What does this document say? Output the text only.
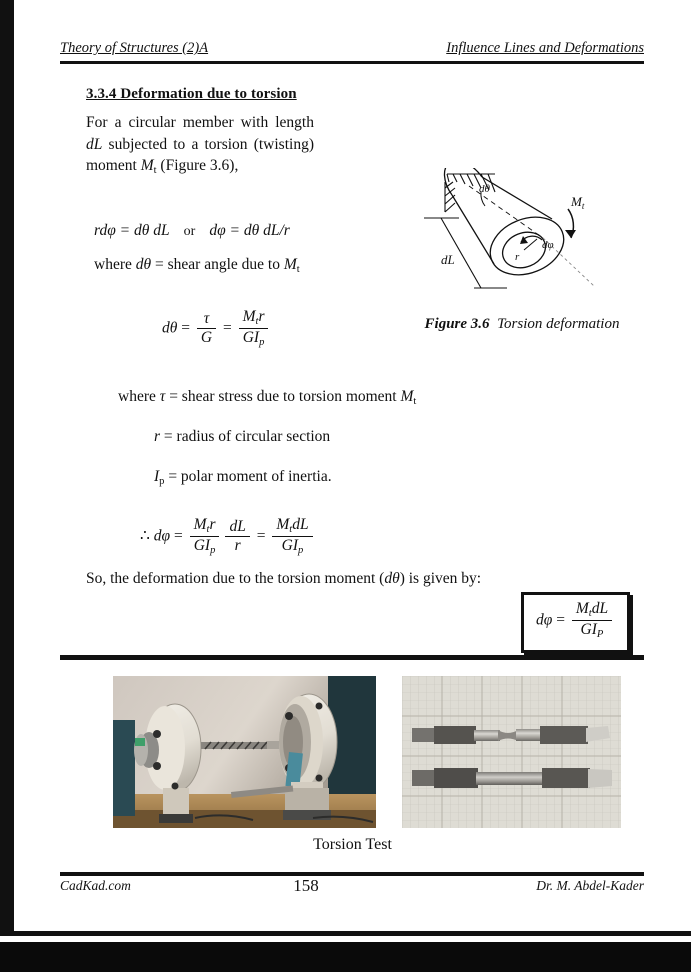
Theory of Structures (2)A	Influence Lines and Deformations
3.3.4 Deformation due to torsion
For a circular member with length dL subjected to a torsion (twisting) moment $M_t$ (Figure 3.6),
rdφ = dθ dL or dφ = dθ dL/r
where dθ = shear angle due to $M_t$
$d\theta = \frac{\tau}{G} = \frac{\text{Mtr}}{\text{GIp}}$
dθ
$M_t$
dφ
r
dL
Figure 3.6 Torsion deformation
where τ = shear stress due to torsion moment $M_t$
r = radius of circular section
$I_p$ = polar moment of inertia.
∴ $d\varphi = \frac{\text{Mtr}}{\text{GIp}} \frac{dL}{r} = \frac{\text{MtdL}}{\text{GIp}}$
So, the deformation due to the torsion moment (dθ) is given by:
$d\varphi = \frac{\text{MtdL}}{\text{GIP}}$
Torsion Test
CadKad.com	Dr. M. Abdel-Kader
158
